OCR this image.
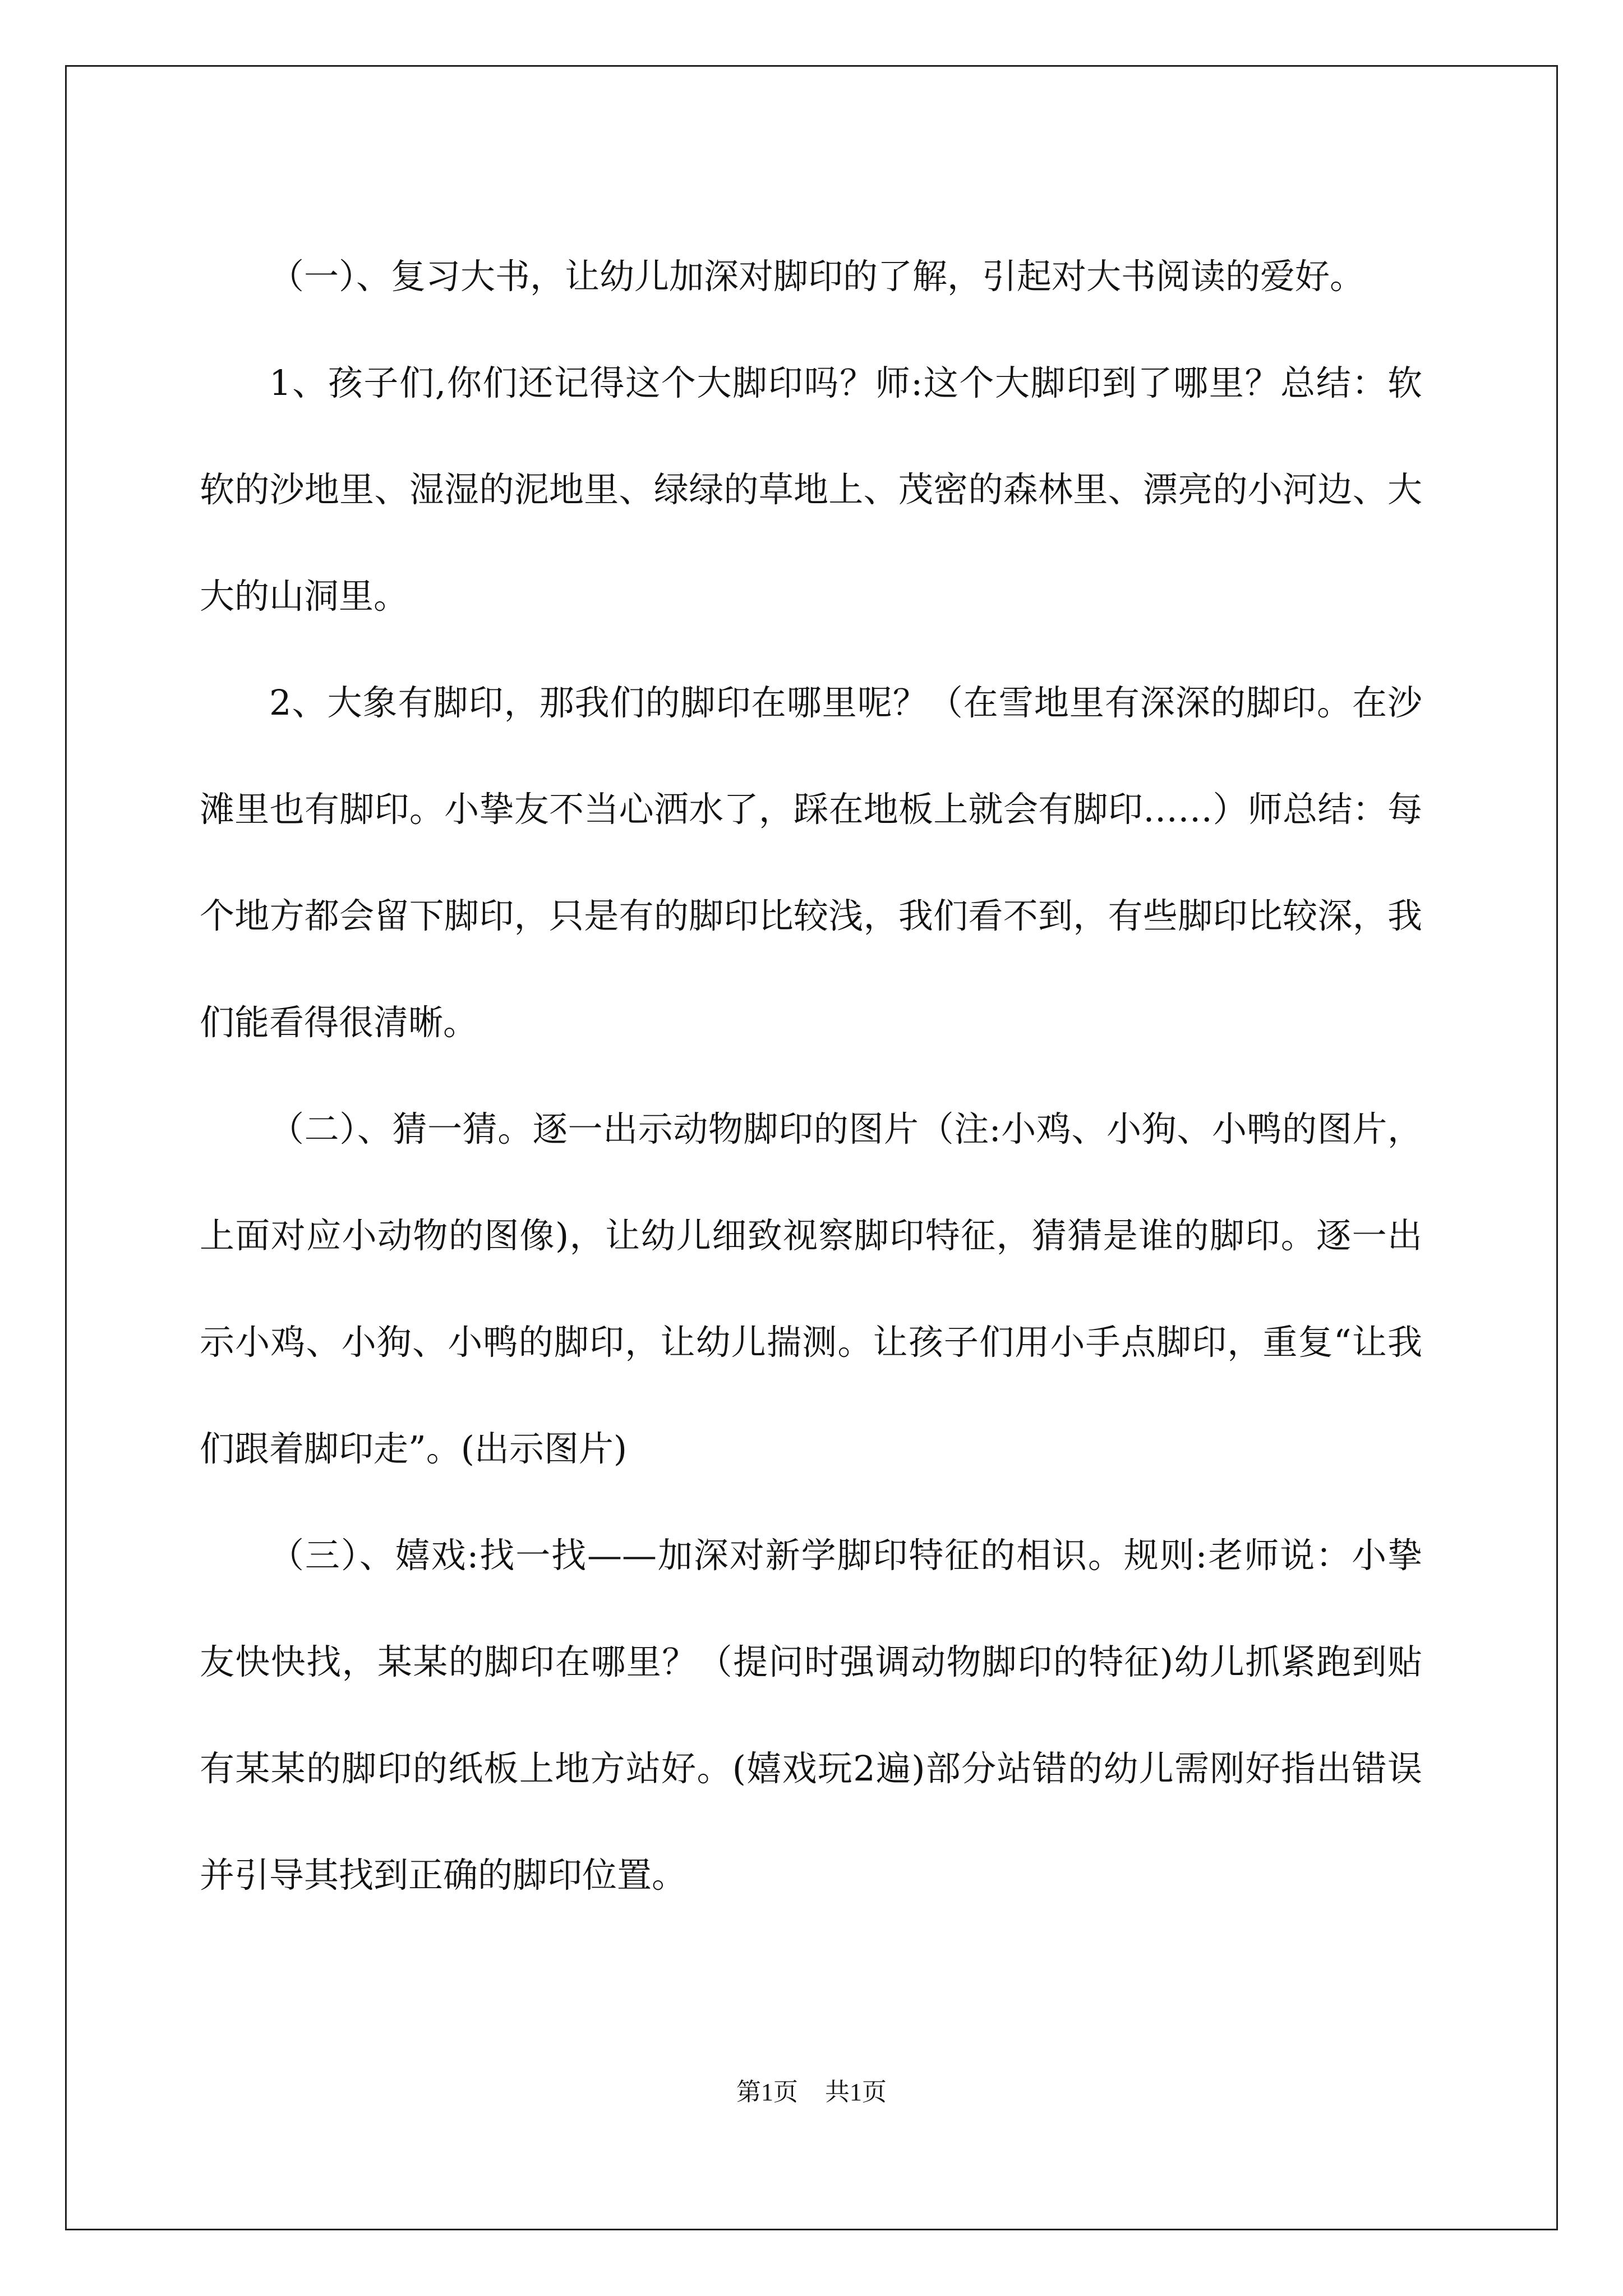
（一）、复习大书，让幼儿加深对脚印的了解，引起对大书阅读的爱好。

1、孩子们,你们还记得这个大脚印吗？师:这个大脚印到了哪里？总结：软软的沙地里、湿湿的泥地里、绿绿的草地上、茂密的森林里、漂亮的小河边、大大的山洞里。

2、大象有脚印，那我们的脚印在哪里呢？（在雪地里有深深的脚印。在沙滩里也有脚印。小挚友不当心洒水了，踩在地板上就会有脚印……）师总结：每个地方都会留下脚印，只是有的脚印比较浅，我们看不到，有些脚印比较深，我们能看得很清晰。

（二）、猜一猜。逐一出示动物脚印的图片（注:小鸡、小狗、小鸭的图片，上面对应小动物的图像)，让幼儿细致视察脚印特征，猜猜是谁的脚印。逐一出示小鸡、小狗、小鸭的脚印，让幼儿揣测。让孩子们用小手点脚印，重复“让我们跟着脚印走”。(出示图片)

（三）、嬉戏:找一找——加深对新学脚印特征的相识。规则:老师说：小挚友快快找，某某的脚印在哪里？（提问时强调动物脚印的特征)幼儿抓紧跑到贴有某某的脚印的纸板上地方站好。(嬉戏玩2遍)部分站错的幼儿需刚好指出错误并引导其找到正确的脚印位置。

第1页 共1页
